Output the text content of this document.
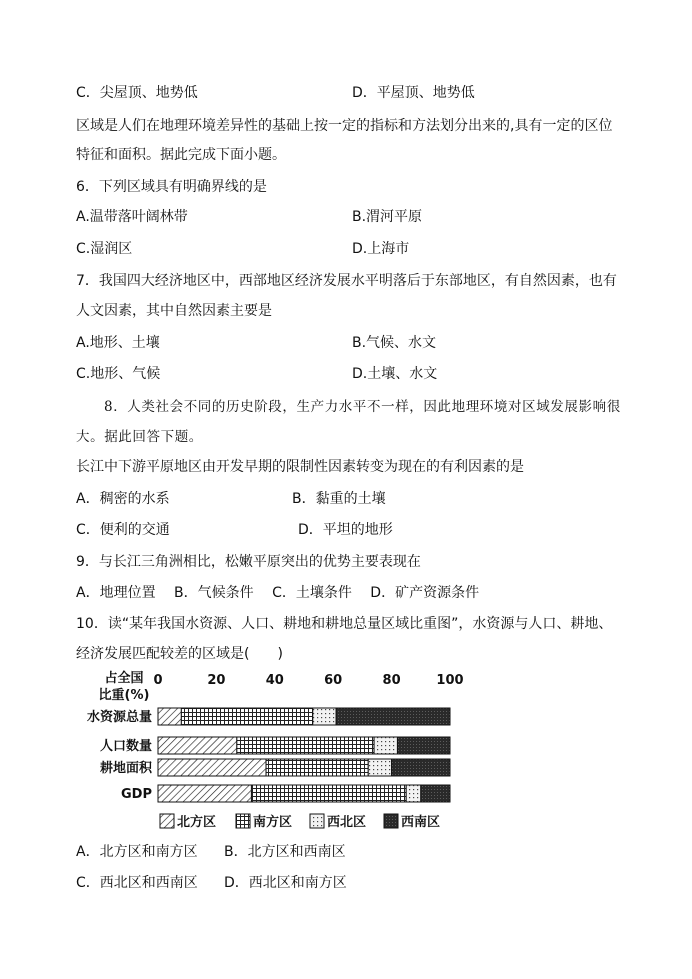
C．尖屋顶、地势低	D．平屋顶、地势低
区域是人们在地理环境差异性的基础上按一定的指标和方法划分出来的,具有一定的区位
特征和面积。据此完成下面小题。
6．下列区域具有明确界线的是
A.温带落叶阔林带	B.渭河平原
C.湿润区	D.上海市
7．我国四大经济地区中，西部地区经济发展水平明落后于东部地区，有自然因素，也有
人文因素，其中自然因素主要是
A.地形、土壤	B.气候、水文
C.地形、气候	D.土壤、水文
8．人类社会不同的历史阶段，生产力水平不一样，因此地理环境对区域发展影响很
大。据此回答下题。
长江中下游平原地区由开发早期的限制性因素转变为现在的有利因素的是
A．稠密的水系	B．黏重的土壤
C．便利的交通	D．平坦的地形
9．与长江三角洲相比，松嫩平原突出的优势主要表现在
A．地理位置　 B．气候条件　 C．土壤条件　 D．矿产资源条件
10．读“某年我国水资源、人口、耕地和耕地总量区域比重图”，水资源与人口、耕地、
经济发展匹配较差的区域是(　　)
占全国
比重(%)
0	20	40	60	80	100
水资源总量
人口数量
耕地面积
GDP
北方区	南方区	西北区	西南区
A．北方区和南方区 B．北方区和西南区
C．西北区和西南区 D．西北区和南方区
